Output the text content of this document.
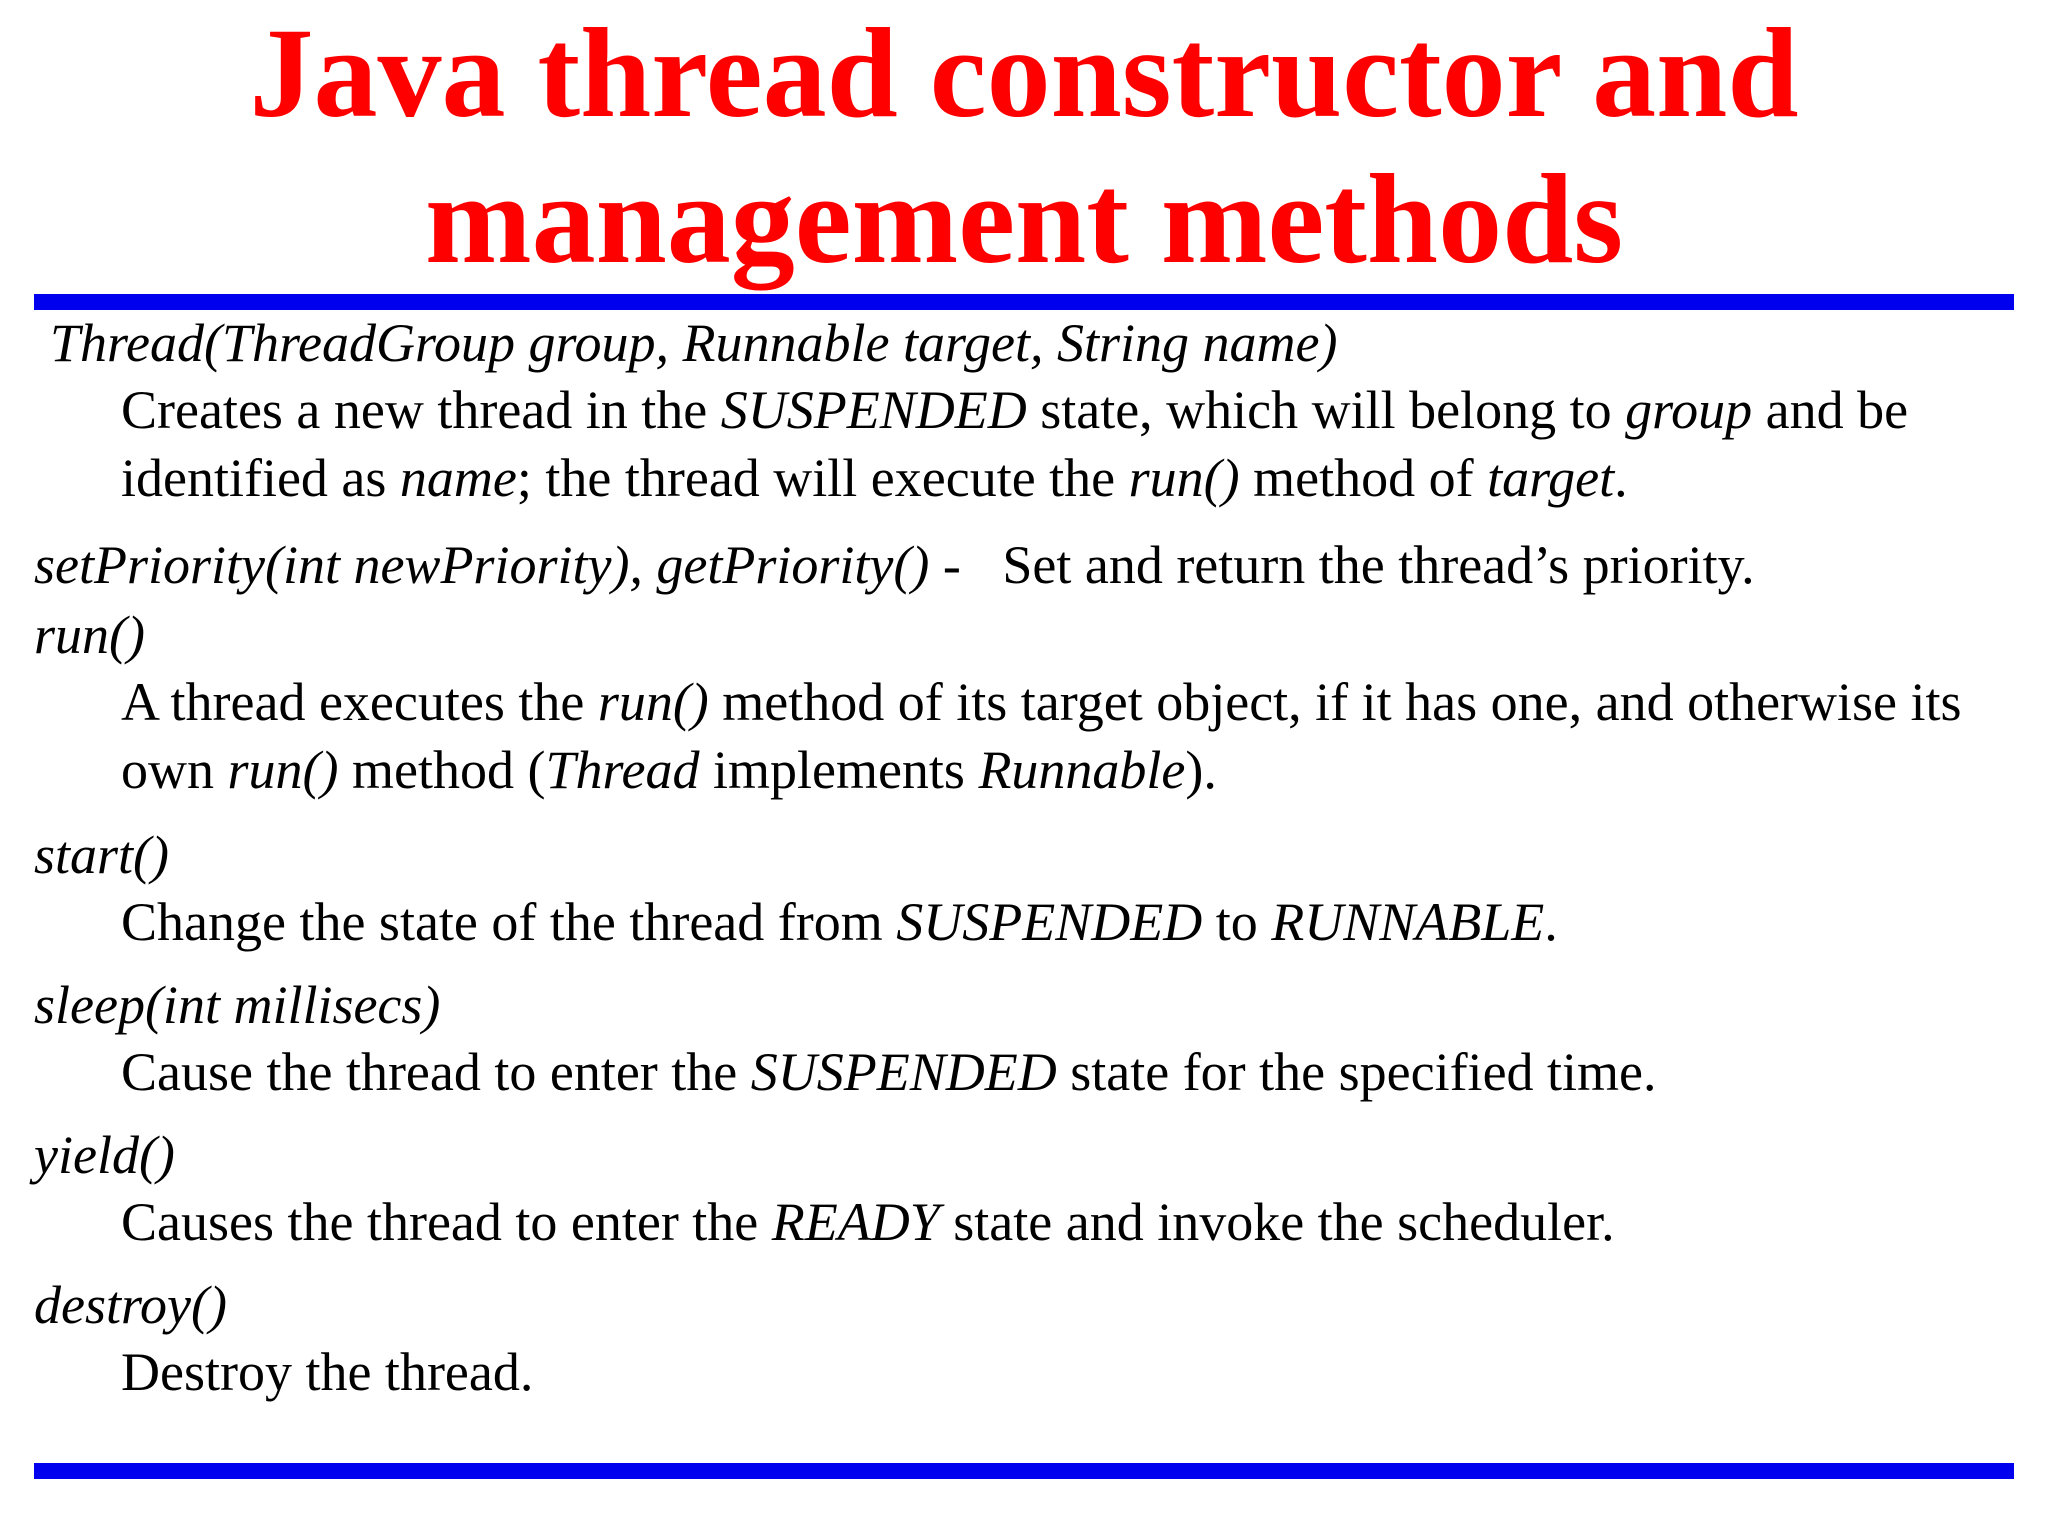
Java thread constructor and
management methods
Thread(ThreadGroup group, Runnable target, String name)
Creates a new thread in the SUSPENDED state, which will belong to group and be identified as name; the thread will execute the run() method of target.
setPriority(int newPriority), getPriority() - Set and return the thread’s priority.
run()
A thread executes the run() method of its target object, if it has one, and otherwise its own run() method (Thread implements Runnable).
start()
Change the state of the thread from SUSPENDED to RUNNABLE.
sleep(int millisecs)
Cause the thread to enter the SUSPENDED state for the specified time.
yield()
Causes the thread to enter the READY state and invoke the scheduler.
destroy()
Destroy the thread.
